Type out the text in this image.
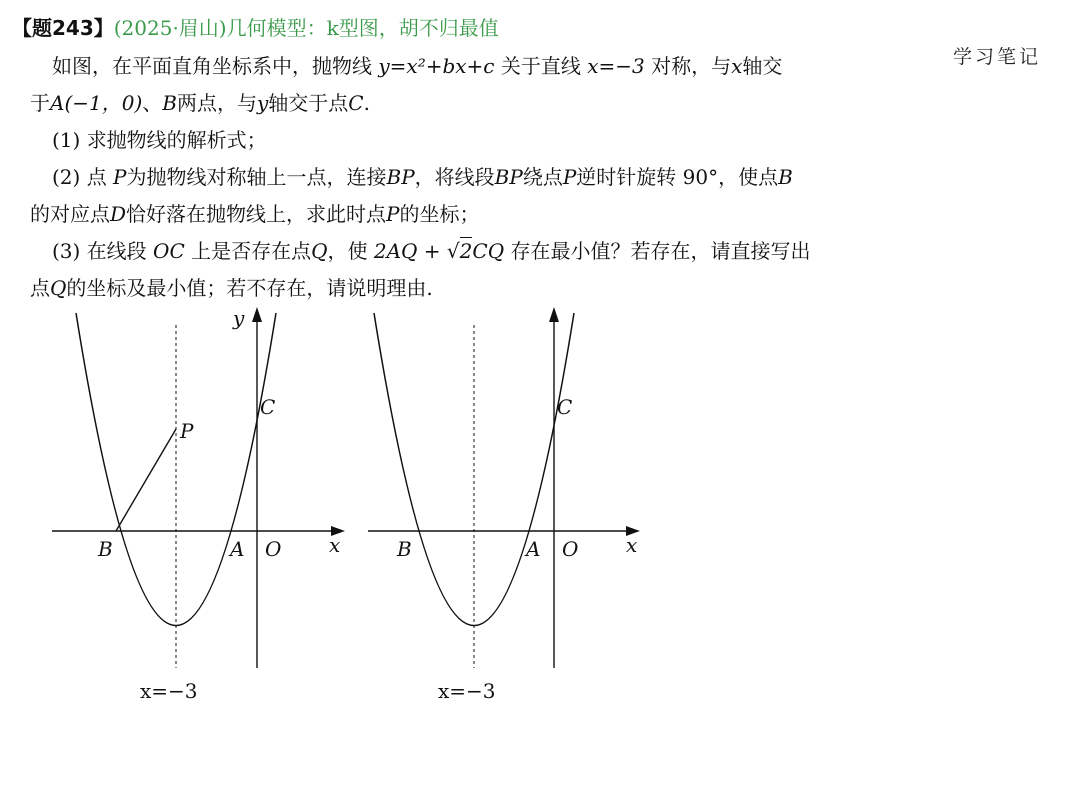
【题243】(2025·眉山)几何模型：k型图，胡不归最值
学习笔记
如图，在平面直角坐标系中，抛物线 y=x²+bx+c 关于直线 x=−3 对称，与x轴交
于A(−1，0)、B两点，与y轴交于点C.
(1) 求抛物线的解析式；
(2) 点 P为抛物线对称轴上一点，连接BP，将线段BP绕点P逆时针旋转 90°，使点B
的对应点D恰好落在抛物线上，求此时点P的坐标；
(3) 在线段 OC 上是否存在点Q，使 2AQ + √2CQ 存在最小值？若存在，请直接写出
点Q的坐标及最小值；若不存在，请说明理由.
y
x
O
A
B
C
P
x=−3
x
O
A
B
C
x=−3
